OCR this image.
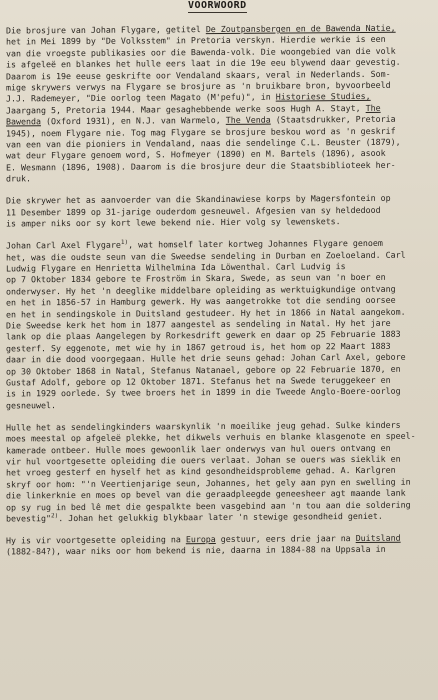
VOORWOORD
Die brosjure van Johan Flygare, getitel De Zoutpansbergen en de Bawenda Natie,
het in Mei 1899 by "De Volksstem" in Pretoria verskyn. Hierdie werkie is een
van die vroegste publikasies oor die Bawenda-volk. Die woongebied van die volk
is afgeleë en blankes het hulle eers laat in die 19e eeu blywend daar gevestig.
Daarom is 19e eeuse geskrifte oor Vendaland skaars, veral in Nederlands. Som-
mige skrywers verwys na Flygare se brosjure as 'n bruikbare bron, byvoorbeeld
J.J. Rademeyer, "Die oorlog teen Magato (M'pefu)", in Historiese Studies,
Jaargang 5, Pretoria 1944. Maar gesaghebbende werke soos Hugh A. Stayt, The
Bawenda (Oxford 1931), en N.J. van Warmelo, The Venda (Staatsdrukker, Pretoria
1945), noem Flygare nie. Tog mag Flygare se brosjure beskou word as 'n geskrif
van een van die pioniers in Vendaland, naas die sendelinge C.L. Beuster (1879),
wat deur Flygare genoem word, S. Hofmeyer (1890) en M. Bartels (1896), asook
E. Wesmann (1896, 1908). Daarom is die brosjure deur die Staatsbiblioteek her-
druk.
Die skrywer het as aanvoerder van die Skandinawiese korps by Magersfontein op
11 Desember 1899 op 31-jarige ouderdom gesneuwel. Afgesien van sy heldedood
is amper niks oor sy kort lewe bekend nie. Hier volg sy lewenskets.
Johan Carl Axel Flygare$^{1)}$, wat homself later kortweg Johannes Flygare genoem
het, was die oudste seun van die Sweedse sendeling in Durban en Zoeloeland. Carl
Ludwig Flygare en Henrietta Wilhelmina Ida Löwenthal. Carl Ludvig is
op 7 Oktober 1834 gebore te Froström in Skara, Swede, as seun van 'n boer en
onderwyser. Hy het 'n deeglike middelbare opleiding as werktuigkundige ontvang
en het in 1856-57 in Hamburg gewerk. Hy was aangetrokke tot die sending oorsee
en het in sendingskole in Duitsland gestudeer. Hy het in 1866 in Natal aangekom.
Die Sweedse kerk het hom in 1877 aangestel as sendeling in Natal. Hy het jare
lank op die plaas Aangelegen by Rorkesdrift gewerk en daar op 25 Februarie 1883
gesterf. Sy eggenote, met wie hy in 1867 getroud is, het hom op 22 Maart 1883
daar in die dood voorgegaan. Hulle het drie seuns gehad: Johan Carl Axel, gebore
op 30 Oktober 1868 in Natal, Stefanus Natanael, gebore op 22 Februarie 1870, en
Gustaf Adolf, gebore op 12 Oktober 1871. Stefanus het na Swede teruggekeer en
is in 1929 oorlede. Sy twee broers het in 1899 in die Tweede Anglo-Boere-oorlog
gesneuwel.
Hulle het as sendelingkinders waarskynlik 'n moeilike jeug gehad. Sulke kinders
moes meestal op afgeleë plekke, het dikwels verhuis en blanke klasgenote en speel-
kamerade ontbeer. Hulle moes gewoonlik laer onderwys van hul ouers ontvang en
vir hul voortgesette opleiding die ouers verlaat. Johan se ouers was sieklik en
het vroeg gesterf en hyself het as kind gesondheidsprobleme gehad. A. Karlgren
skryf oor hom: "'n Veertienjarige seun, Johannes, het gely aan pyn en swelling in
die linkerknie en moes op bevel van die geraadpleegde geneesheer agt maande lank
op sy rug in bed lê met die gespalkte been vasgebind aan 'n tou aan die soldering
bevestig"$^{2)}$. Johan het gelukkig blykbaar later 'n stewige gesondheid geniet.
Hy is vir voortgesette opleiding na Europa gestuur, eers drie jaar na Duitsland
(1882-84?), waar niks oor hom bekend is nie, daarna in 1884-88 na Uppsala in
